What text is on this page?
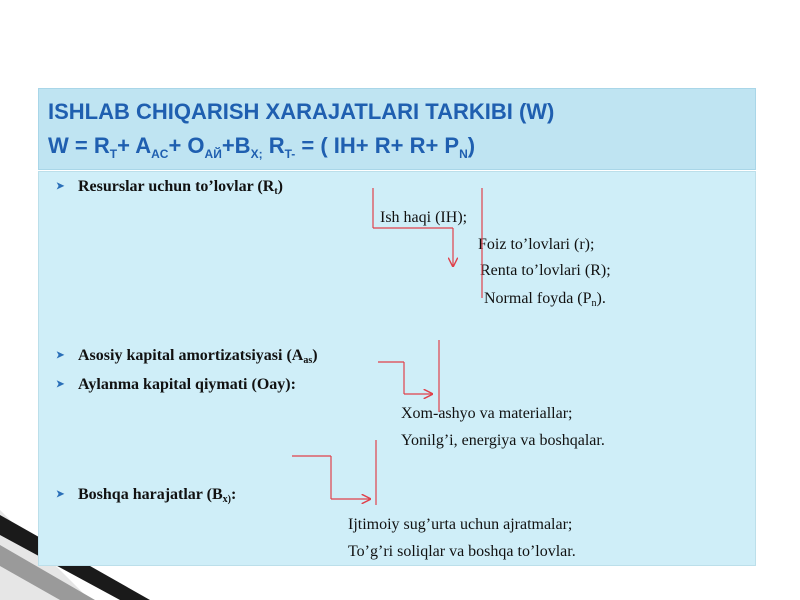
ISHLAB CHIQARISH XARAJATLARI TARKIBI (W)
$W = R_T+ A_{AC}+ O_{AЙ}+B_{X;}$ $R_{T-}$ = ( $IH+ R+ R+ P_N$)
➤ Resurslar uchun to’lovlar $(R_t)$
➤ Asosiy kapital amortizatsiyasi $(A_{as})$
➤ Aylanma kapital qiymati (Oay):
➤ Boshqa harajatlar ($B_{x)}$:
Ish haqi (IH);
Foiz to’lovlari (r);
Renta to’lovlari (R);
Normal foyda $(P_n)$.
Xom-ashyo va materiallar;
Yonilg’i, energiya va boshqalar.
Ijtimoiy sug’urta uchun ajratmalar;
To’g’ri soliqlar va boshqa to’lovlar.
